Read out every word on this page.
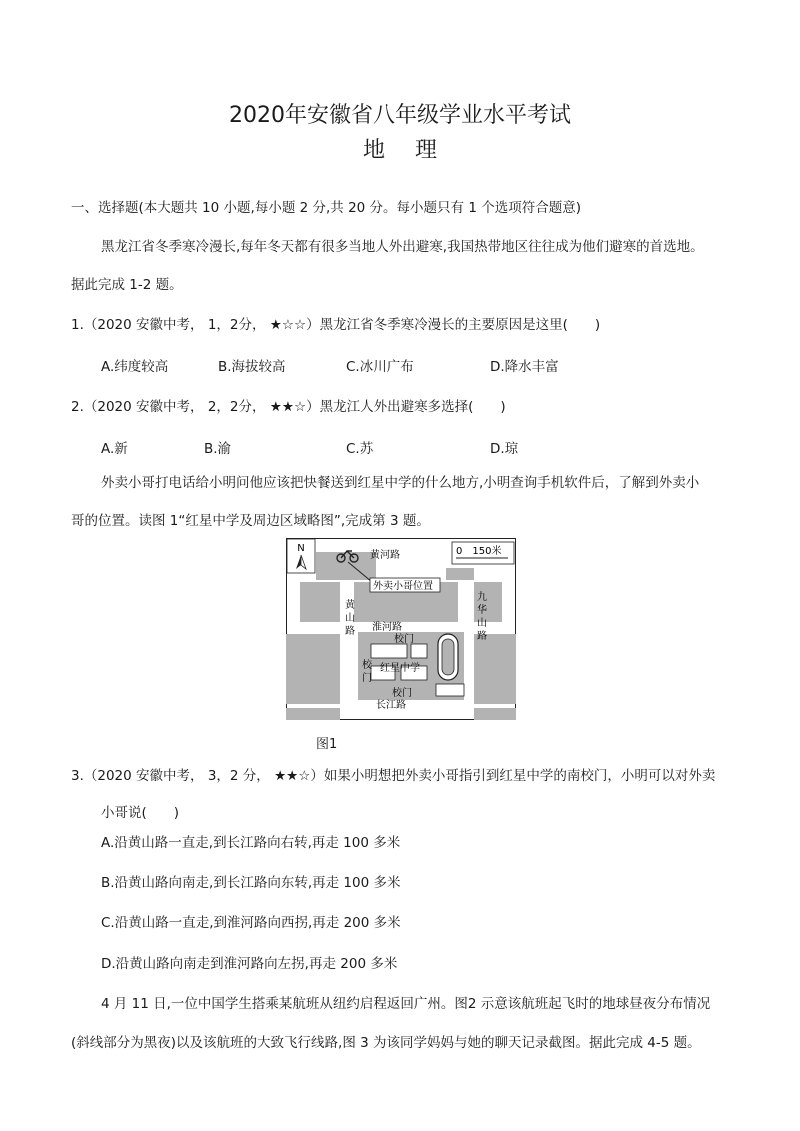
2020年安徽省八年级学业水平考试
地理
一、选择题(本大题共 10 小题,每小题 2 分,共 20 分。每小题只有 1 个选项符合题意)
黑龙江省冬季寒冷漫长,每年冬天都有很多当地人外出避寒,我国热带地区往往成为他们避寒的首选地。
据此完成 1-2 题。
1.（2020 安徽中考， 1，2分， ★☆☆）黑龙江省冬季寒冷漫长的主要原因是这里(　　)
A.纬度较高	B.海拔较高	C.冰川广布	D.降水丰富
2.（2020 安徽中考， 2，2分， ★★☆）黑龙江人外出避寒多选择(　　)
A.新	B.渝	C.苏	D.琼
外卖小哥打电话给小明问他应该把快餐送到红星中学的什么地方,小明查询手机软件后，了解到外卖小
哥的位置。读图 1“红星中学及周边区域略图”,完成第 3 题。
N	0　150米
黄河路
外卖小哥位置
黄
山
路
九
华
山
路
淮河路
校门
校
门
红星中学
校门
长江路
图1
3.（2020 安徽中考， 3，2 分， ★★☆）如果小明想把外卖小哥指引到红星中学的南校门，小明可以对外卖
小哥说(　　)
A.沿黄山路一直走,到长江路向右转,再走 100 多米
B.沿黄山路向南走,到长江路向东转,再走 100 多米
C.沿黄山路一直走,到淮河路向西拐,再走 200 多米
D.沿黄山路向南走到淮河路向左拐,再走 200 多米
4 月 11 日,一位中国学生搭乘某航班从纽约启程返回广州。图2 示意该航班起飞时的地球昼夜分布情况
(斜线部分为黑夜)以及该航班的大致飞行线路,图 3 为该同学妈妈与她的聊天记录截图。据此完成 4-5 题。
